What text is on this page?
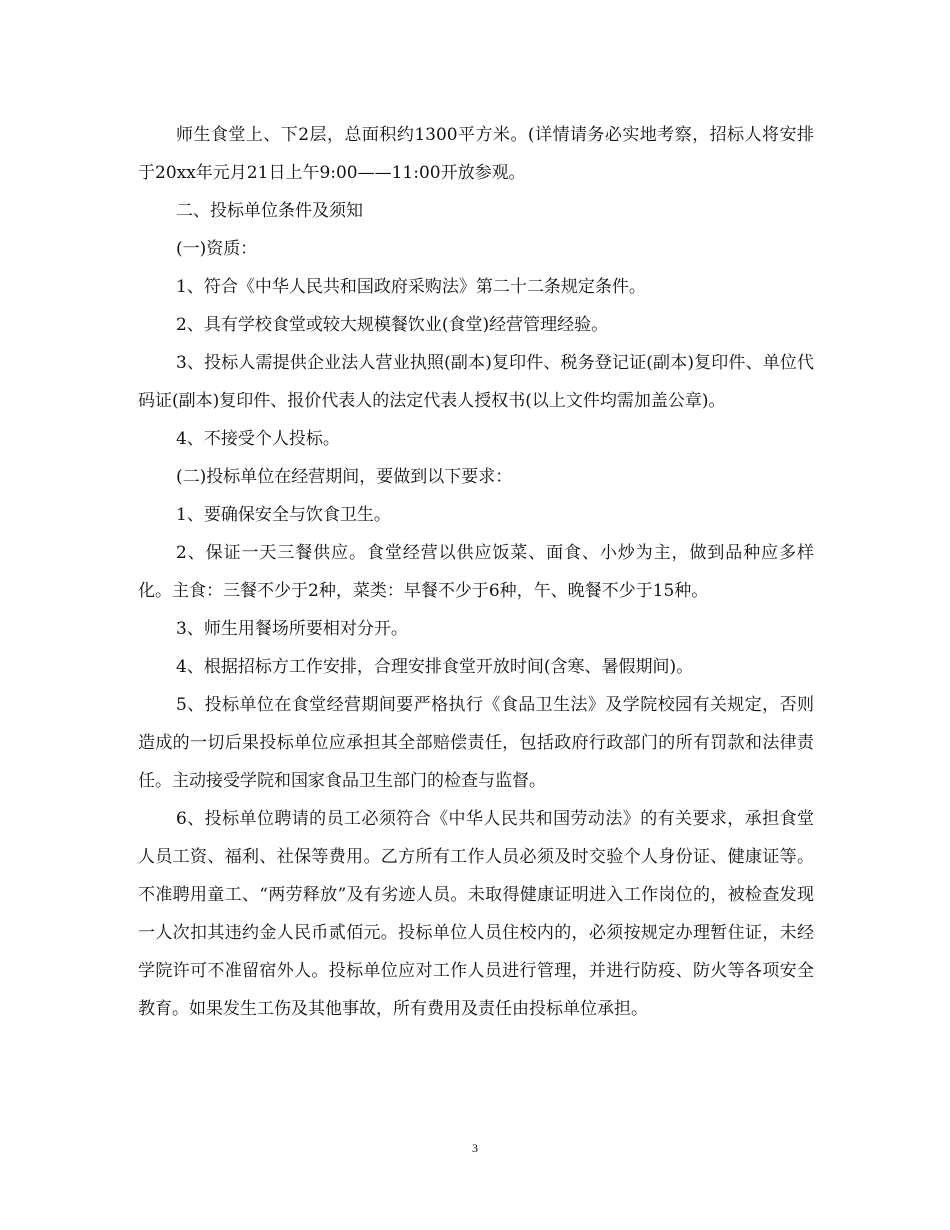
师生食堂上、下2层，总面积约1300平方米。(详情请务必实地考察，招标人将安排于20xx年元月21日上午9:00——11:00开放参观。

二、投标单位条件及须知

(一)资质：

1、符合《中华人民共和国政府采购法》第二十二条规定条件。

2、具有学校食堂或较大规模餐饮业(食堂)经营管理经验。

3、投标人需提供企业法人营业执照(副本)复印件、税务登记证(副本)复印件、单位代码证(副本)复印件、报价代表人的法定代表人授权书(以上文件均需加盖公章)。

4、不接受个人投标。

(二)投标单位在经营期间，要做到以下要求：

1、要确保安全与饮食卫生。

2、保证一天三餐供应。食堂经营以供应饭菜、面食、小炒为主，做到品种应多样化。主食：三餐不少于2种，菜类：早餐不少于6种，午、晚餐不少于15种。

3、师生用餐场所要相对分开。

4、根据招标方工作安排，合理安排食堂开放时间(含寒、暑假期间)。

5、投标单位在食堂经营期间要严格执行《食品卫生法》及学院校园有关规定，否则造成的一切后果投标单位应承担其全部赔偿责任，包括政府行政部门的所有罚款和法律责任。主动接受学院和国家食品卫生部门的检查与监督。

6、投标单位聘请的员工必须符合《中华人民共和国劳动法》的有关要求，承担食堂人员工资、福利、社保等费用。乙方所有工作人员必须及时交验个人身份证、健康证等。不准聘用童工、“两劳释放”及有劣迹人员。未取得健康证明进入工作岗位的，被检查发现一人次扣其违约金人民币贰佰元。投标单位人员住校内的，必须按规定办理暂住证，未经学院许可不准留宿外人。投标单位应对工作人员进行管理，并进行防疫、防火等各项安全教育。如果发生工伤及其他事故，所有费用及责任由投标单位承担。

3
